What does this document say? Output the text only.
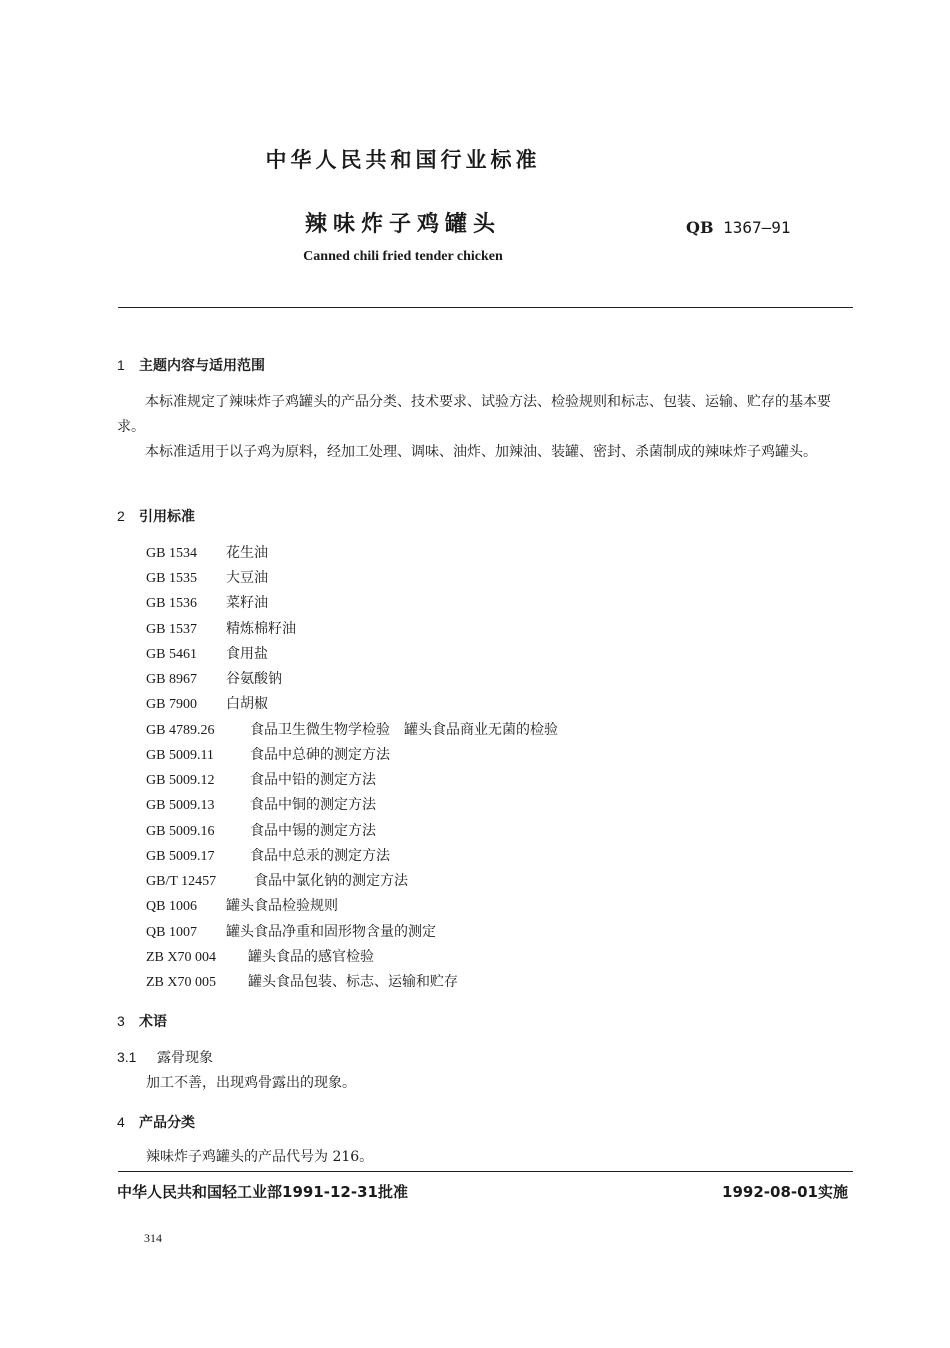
中华人民共和国行业标准
辣味炸子鸡罐头	QB 1367—91
Canned chili fried tender chicken
1 主题内容与适用范围
本标准规定了辣味炸子鸡罐头的产品分类、技术要求、试验方法、检验规则和标志、包装、运输、贮存的基本要求。
本标准适用于以子鸡为原料，经加工处理、调味、油炸、加辣油、装罐、密封、杀菌制成的辣味炸子鸡罐头。
2 引用标准
GB 1534 花生油
GB 1535 大豆油
GB 1536 菜籽油
GB 1537 精炼棉籽油
GB 5461 食用盐
GB 8967 谷氨酸钠
GB 7900 白胡椒
GB 4789.26	食品卫生微生物学检验　罐头食品商业无菌的检验
GB 5009.11	食品中总砷的测定方法
GB 5009.12	食品中铅的测定方法
GB 5009.13	食品中铜的测定方法
GB 5009.16	食品中锡的测定方法
GB 5009.17	食品中总汞的测定方法
GB/T 12457	食品中氯化钠的测定方法
QB 1006 罐头食品检验规则
QB 1007 罐头食品净重和固形物含量的测定
ZB X70 004 罐头食品的感官检验
ZB X70 005 罐头食品包装、标志、运输和贮存
3 术语
3.1 露骨现象
加工不善，出现鸡骨露出的现象。
4 产品分类
辣味炸子鸡罐头的产品代号为 216。
中华人民共和国轻工业部1991-12-31批准	1992-08-01实施
314
